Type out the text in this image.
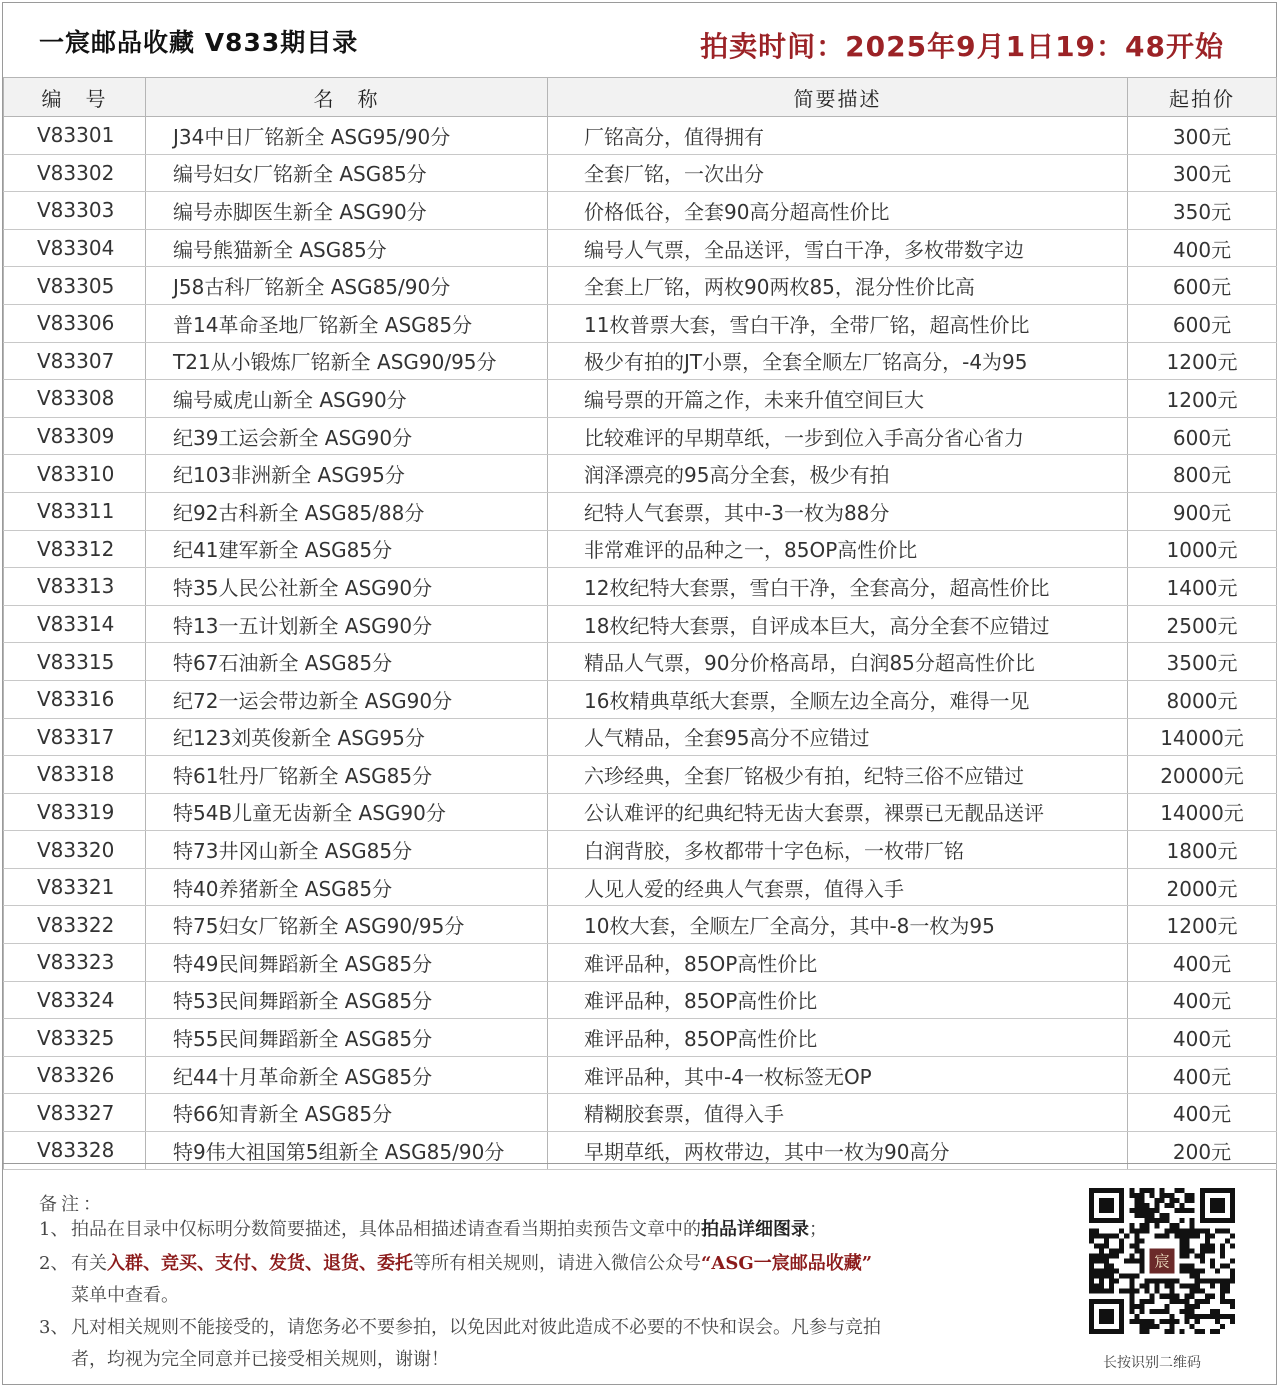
一宸邮品收藏 V833期目录	拍卖时间：2025年9月1日19：48开始
编　号	名　称	简要描述	起拍价
V83301	J34中日厂铭新全 ASG95/90分	厂铭高分，值得拥有	300元
V83302	编号妇女厂铭新全 ASG85分	全套厂铭，一次出分	300元
V83303	编号赤脚医生新全 ASG90分	价格低谷，全套90高分超高性价比	350元
V83304	编号熊猫新全 ASG85分	编号人气票，全品送评，雪白干净，多枚带数字边	400元
V83305	J58古科厂铭新全 ASG85/90分	全套上厂铭，两枚90两枚85，混分性价比高	600元
V83306	普14革命圣地厂铭新全 ASG85分	11枚普票大套，雪白干净，全带厂铭，超高性价比	600元
V83307	T21从小锻炼厂铭新全 ASG90/95分	极少有拍的JT小票，全套全顺左厂铭高分，-4为95	1200元
V83308	编号威虎山新全 ASG90分	编号票的开篇之作，未来升值空间巨大	1200元
V83309	纪39工运会新全 ASG90分	比较难评的早期草纸，一步到位入手高分省心省力	600元
V83310	纪103非洲新全 ASG95分	润泽漂亮的95高分全套，极少有拍	800元
V83311	纪92古科新全 ASG85/88分	纪特人气套票，其中-3一枚为88分	900元
V83312	纪41建军新全 ASG85分	非常难评的品种之一，85OP高性价比	1000元
V83313	特35人民公社新全 ASG90分	12枚纪特大套票，雪白干净，全套高分，超高性价比	1400元
V83314	特13一五计划新全 ASG90分	18枚纪特大套票，自评成本巨大，高分全套不应错过	2500元
V83315	特67石油新全 ASG85分	精品人气票，90分价格高昂，白润85分超高性价比	3500元
V83316	纪72一运会带边新全 ASG90分	16枚精典草纸大套票，全顺左边全高分，难得一见	8000元
V83317	纪123刘英俊新全 ASG95分	人气精品，全套95高分不应错过	14000元
V83318	特61牡丹厂铭新全 ASG85分	六珍经典，全套厂铭极少有拍，纪特三俗不应错过	20000元
V83319	特54B儿童无齿新全 ASG90分	公认难评的纪典纪特无齿大套票，裸票已无靓品送评	14000元
V83320	特73井冈山新全 ASG85分	白润背胶，多枚都带十字色标，一枚带厂铭	1800元
V83321	特40养猪新全 ASG85分	人见人爱的经典人气套票，值得入手	2000元
V83322	特75妇女厂铭新全 ASG90/95分	10枚大套，全顺左厂全高分，其中-8一枚为95	1200元
V83323	特49民间舞蹈新全 ASG85分	难评品种，85OP高性价比	400元
V83324	特53民间舞蹈新全 ASG85分	难评品种，85OP高性价比	400元
V83325	特55民间舞蹈新全 ASG85分	难评品种，85OP高性价比	400元
V83326	纪44十月革命新全 ASG85分	难评品种，其中-4一枚标签无OP	400元
V83327	特66知青新全 ASG85分	精糊胶套票，值得入手	400元
V83328	特9伟大祖国第5组新全 ASG85/90分	早期草纸，两枚带边，其中一枚为90高分	200元
备注：
1、 拍品在目录中仅标明分数简要描述，具体品相描述请查看当期拍卖预告文章中的拍品详细图录；
2、 有关入群、竞买、支付、发货、退货、委托等所有相关规则，请进入微信公众号“ASG一宸邮品收藏”
菜单中查看。
3、 凡对相关规则不能接受的，请您务必不要参拍，以免因此对彼此造成不必要的不快和误会。凡参与竞拍
者，均视为完全同意并已接受相关规则，谢谢！
宸
长按识别二维码
